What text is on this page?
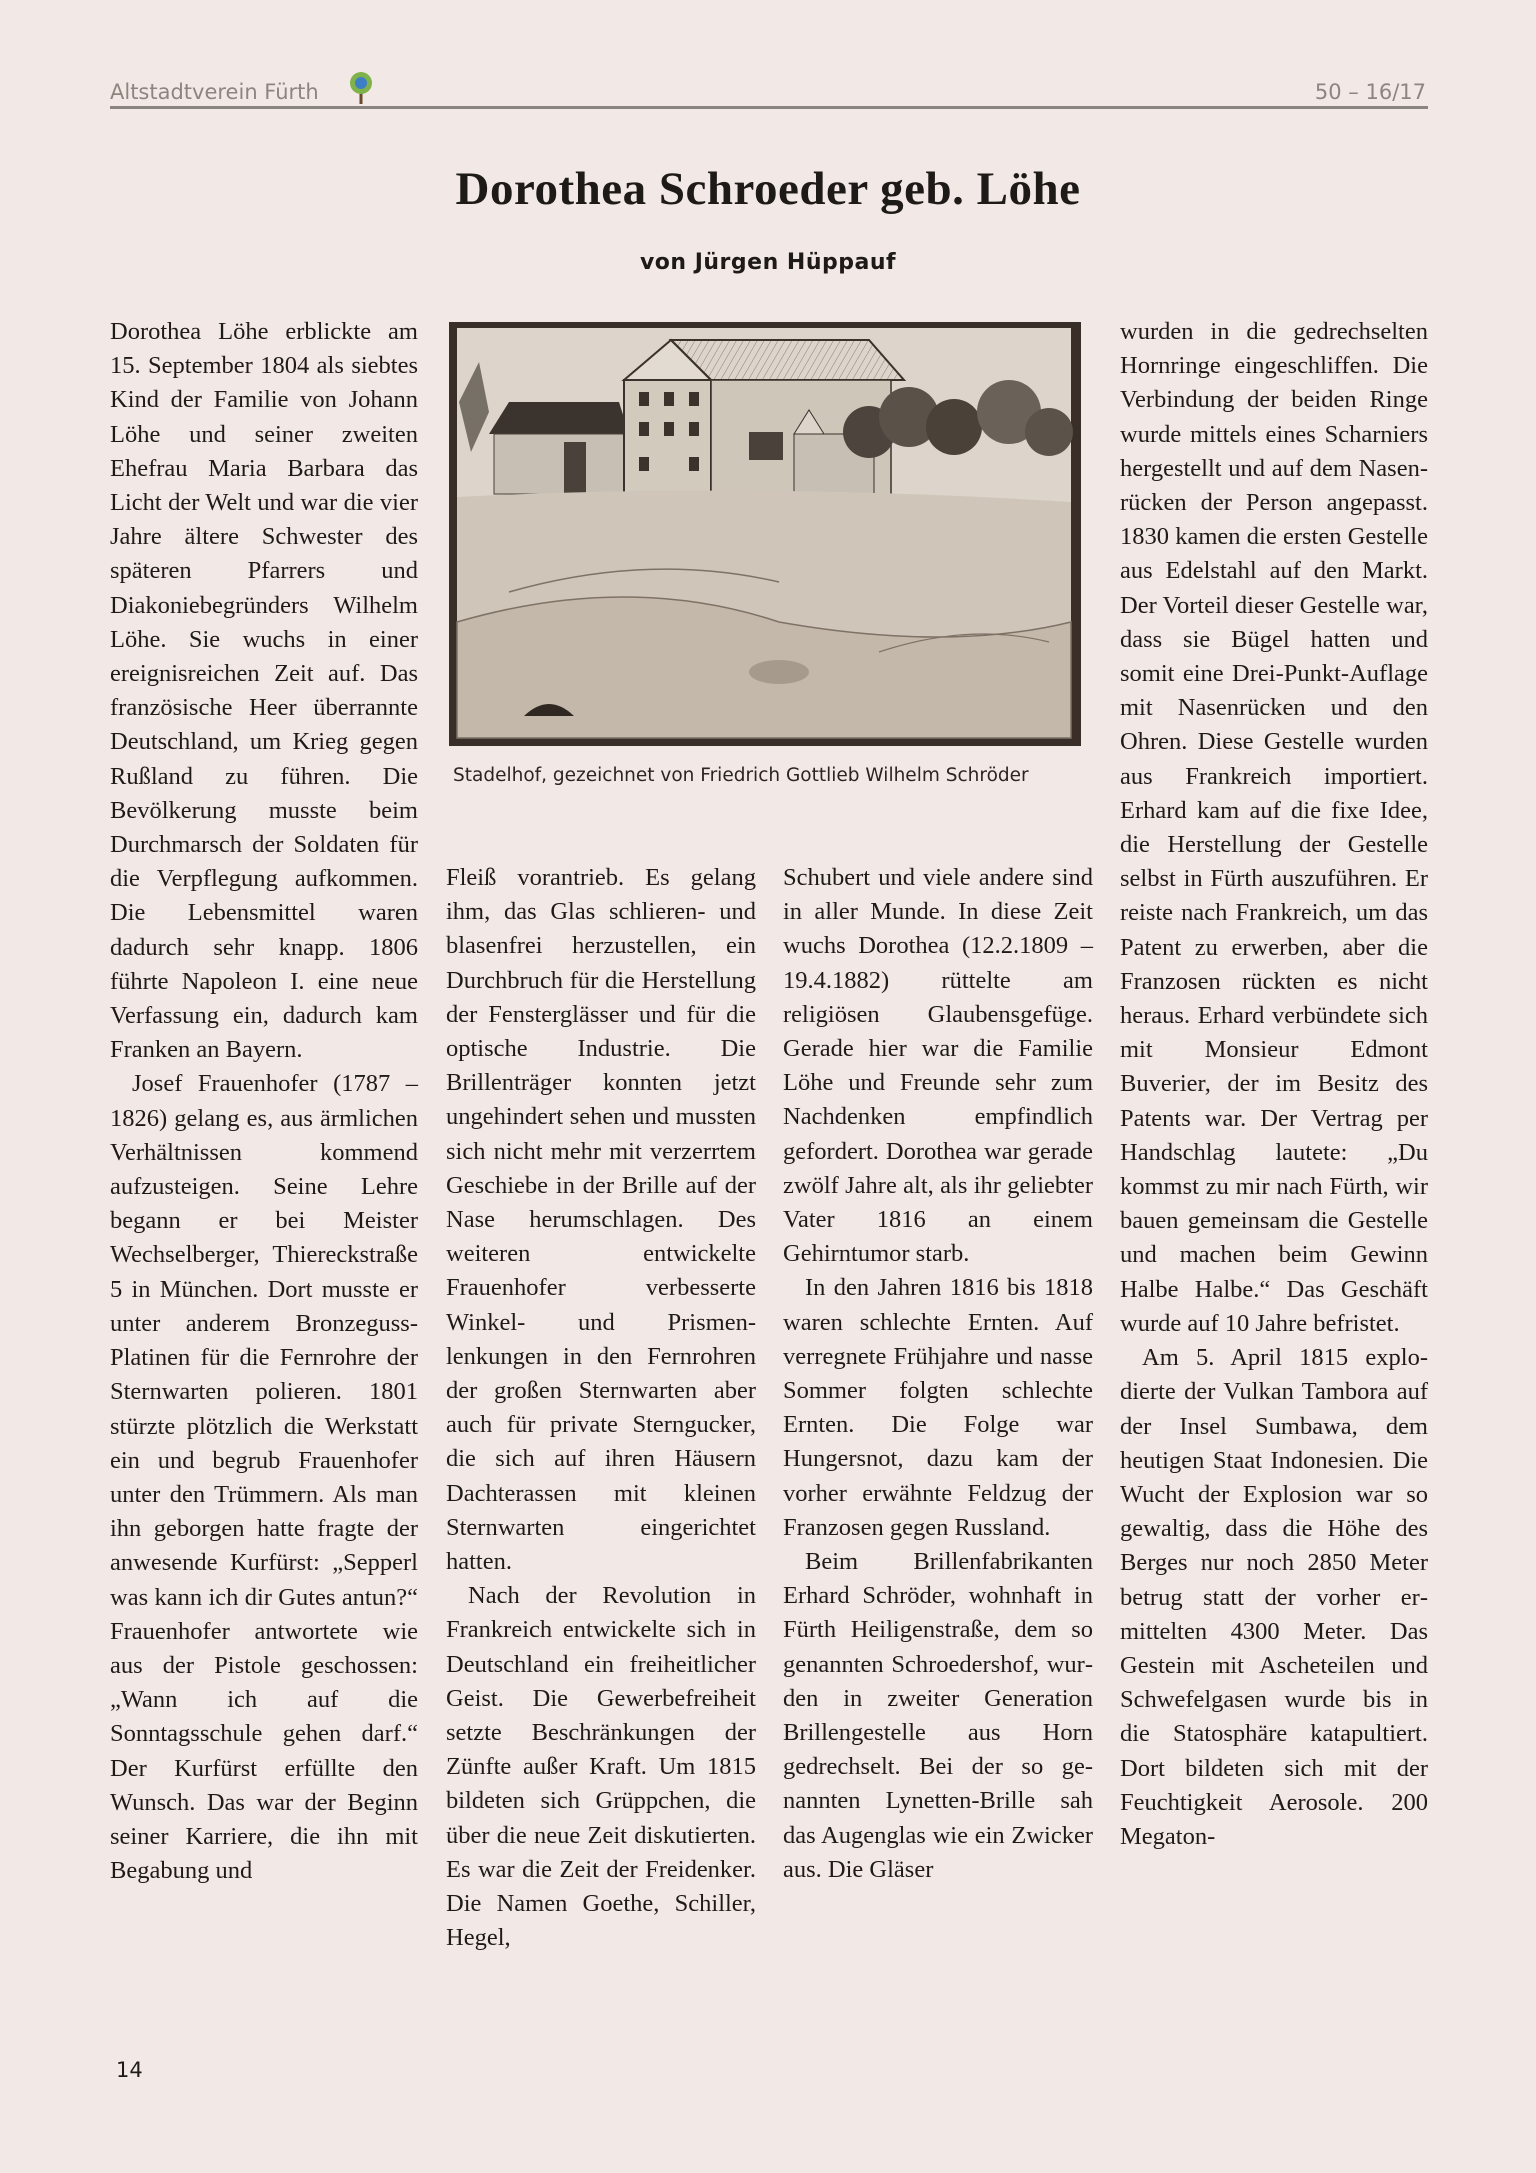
Altstadtverein Fürth	50 – 16/17
Dorothea Schroeder geb. Löhe
von Jürgen Hüppauf

Dorothea Löhe erblickte am 15. September 1804 als siebtes Kind der Familie von Johann Löhe und seiner zweiten Ehefrau Maria Barbara das Licht der Welt und war die vier Jahre ältere Schwester des späteren Pfarrers und Diakoniebegründers Wilhelm Löhe. Sie wuchs in einer ereignisreichen Zeit auf. Das französische Heer überrannte Deutschland, um Krieg gegen Rußland zu führen. Die Bevölkerung musste beim Durchmarsch der Soldaten für die Verpflegung aufkommen. Die Lebensmittel waren dadurch sehr knapp. 1806 führte Napoleon I. eine neue Verfassung ein, dadurch kam Franken an Bayern.

Josef Frauenhofer (1787 – 1826) gelang es, aus ärmlichen Verhältnissen kommend aufzusteigen. Seine Lehre begann er bei Meister Wechselberger, Thiereckstraße 5 in München. Dort musste er unter anderem Bronzeguss-Platinen für die Fernrohre der Sternwarten polieren. 1801 stürzte plötzlich die Werkstatt ein und begrub Frauenhofer unter den Trümmern. Als man ihn geborgen hatte fragte der anwesende Kurfürst: „Sepperl was kann ich dir Gutes antun?“ Frauenhofer antwortete wie aus der Pistole geschossen: „Wann ich auf die Sonntagsschule gehen darf.“ Der Kurfürst erfüllte den Wunsch. Das war der Beginn seiner Karriere, die ihn mit Begabung und

Stadelhof, gezeichnet von Friedrich Gottlieb Wilhelm Schröder

Fleiß vorantrieb. Es gelang ihm, das Glas schlieren- und blasenfrei herzustellen, ein Durchbruch für die Herstellung der Fensterglässer und für die optische Industrie. Die Brillenträger konnten jetzt ungehindert sehen und mussten sich nicht mehr mit verzerrtem Geschiebe in der Brille auf der Nase herumschlagen. Des weiteren entwickelte Frauenhofer verbesserte Winkel- und Prismenlenkungen in den Fernrohren der großen Sternwarten aber auch für private Sterngucker, die sich auf ihren Häusern Dachterassen mit kleinen Sternwarten eingerichtet hatten.

Nach der Revolution in Frankreich entwickelte sich in Deutschland ein freiheitlicher Geist. Die Gewerbefreiheit setzte Beschränkungen der Zünfte außer Kraft. Um 1815 bildeten sich Grüppchen, die über die neue Zeit diskutierten. Es war die Zeit der Freidenker. Die Namen Goethe, Schiller, Hegel,

Schubert und viele andere sind in aller Munde. In diese Zeit wuchs Dorothea (12.2.1809 – 19.4.1882) rüttelte am religiösen Glaubensgefüge. Gerade hier war die Familie Löhe und Freunde sehr zum Nachdenken empfindlich gefordert. Dorothea war gerade zwölf Jahre alt, als ihr geliebter Vater 1816 an einem Gehirntumor starb.

In den Jahren 1816 bis 1818 waren schlechte Ernten. Auf verregnete Frühjahre und nasse Sommer folgten schlechte Ernten. Die Folge war Hungersnot, dazu kam der vorher erwähnte Feldzug der Franzosen gegen Russland.

Beim Brillenfabrikanten Erhard Schröder, wohnhaft in Fürth Heiligenstraße, dem so genannten Schroedershof, wurden in zweiter Generation Brillengestelle aus Horn gedrechselt. Bei der so genannten Lynetten-Brille sah das Augenglas wie ein Zwicker aus. Die Gläser

wurden in die gedrechselten Hornringe eingeschliffen. Die Verbindung der beiden Ringe wurde mittels eines Scharniers hergestellt und auf dem Nasenrücken der Person angepasst. 1830 kamen die ersten Gestelle aus Edelstahl auf den Markt. Der Vorteil dieser Gestelle war, dass sie Bügel hatten und somit eine Drei-Punkt-Auflage mit Nasenrücken und den Ohren. Diese Gestelle wurden aus Frankreich importiert. Erhard kam auf die fixe Idee, die Herstellung der Gestelle selbst in Fürth auszuführen. Er reiste nach Frankreich, um das Patent zu erwerben, aber die Franzosen rückten es nicht heraus. Erhard verbündete sich mit Monsieur Edmont Buverier, der im Besitz des Patents war. Der Vertrag per Handschlag lautete: „Du kommst zu mir nach Fürth, wir bauen gemeinsam die Gestelle und machen beim Gewinn Halbe Halbe.“ Das Geschäft wurde auf 10 Jahre befristet.

Am 5. April 1815 explodierte der Vulkan Tambora auf der Insel Sumbawa, dem heutigen Staat Indonesien. Die Wucht der Explosion war so gewaltig, dass die Höhe des Berges nur noch 2850 Meter betrug statt der vorher ermittelten 4300 Meter. Das Gestein mit Ascheteilen und Schwefelgasen wurde bis in die Statosphäre katapultiert. Dort bildeten sich mit der Feuchtigkeit Aerosole. 200 Megaton-

14
